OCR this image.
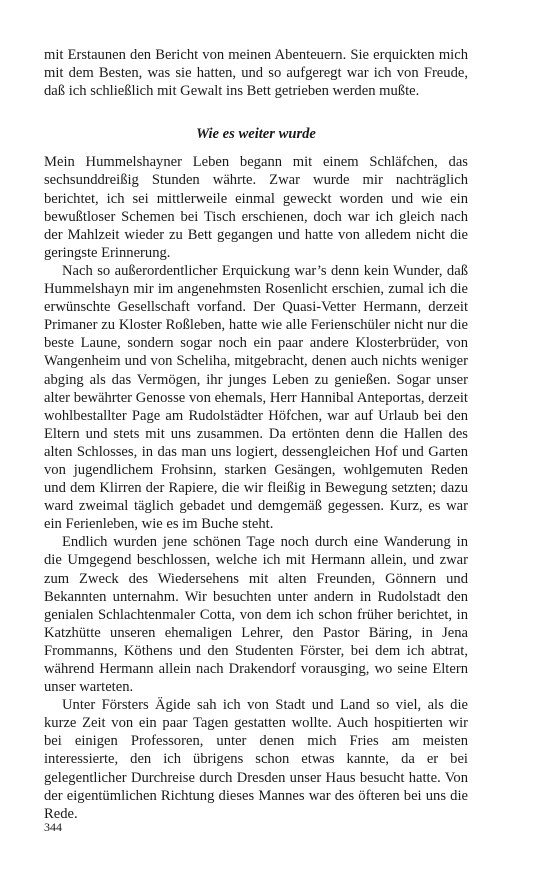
mit Erstaunen den Bericht von meinen Abenteuern. Sie erquickten mich mit dem Besten, was sie hatten, und so aufgeregt war ich von Freude, daß ich schließlich mit Gewalt ins Bett getrieben werden mußte.

Wie es weiter wurde

Mein Hummelshayner Leben begann mit einem Schläfchen, das sechsunddreißig Stunden währte. Zwar wurde mir nachträglich berichtet, ich sei mittlerweile einmal geweckt worden und wie ein bewußtloser Schemen bei Tisch erschienen, doch war ich gleich nach der Mahlzeit wieder zu Bett gegangen und hatte von alledem nicht die geringste Erinnerung.

Nach so außerordentlicher Erquickung war’s denn kein Wunder, daß Hummelshayn mir im angenehmsten Rosenlicht erschien, zumal ich die erwünschte Gesellschaft vorfand. Der Quasi-Vetter Hermann, derzeit Primaner zu Kloster Roßleben, hatte wie alle Ferienschüler nicht nur die beste Laune, sondern sogar noch ein paar andere Klosterbrüder, von Wangenheim und von Scheliha, mitgebracht, denen auch nichts weniger abging als das Vermögen, ihr junges Leben zu genießen. Sogar unser alter bewährter Genosse von ehemals, Herr Hannibal Anteportas, derzeit wohlbestallter Page am Rudolstädter Höfchen, war auf Urlaub bei den Eltern und stets mit uns zusammen. Da ertönten denn die Hallen des alten Schlosses, in das man uns logiert, dessengleichen Hof und Garten von jugendlichem Frohsinn, starken Gesängen, wohlgemuten Reden und dem Klirren der Rapiere, die wir fleißig in Bewegung setzten; dazu ward zweimal täglich gebadet und demgemäß gegessen. Kurz, es war ein Ferienleben, wie es im Buche steht.

Endlich wurden jene schönen Tage noch durch eine Wanderung in die Umgegend beschlossen, welche ich mit Hermann allein, und zwar zum Zweck des Wiedersehens mit alten Freunden, Gönnern und Bekannten unternahm. Wir besuchten unter andern in Rudolstadt den genialen Schlachtenmaler Cotta, von dem ich schon früher berichtet, in Katzhütte unseren ehemaligen Lehrer, den Pastor Bäring, in Jena Frommanns, Köthens und den Studenten Förster, bei dem ich abtrat, während Hermann allein nach Drakendorf vorausging, wo seine Eltern unser warteten.

Unter Försters Ägide sah ich von Stadt und Land so viel, als die kurze Zeit von ein paar Tagen gestatten wollte. Auch hospitierten wir bei einigen Professoren, unter denen mich Fries am meisten interessierte, den ich übrigens schon etwas kannte, da er bei gelegentlicher Durchreise durch Dresden unser Haus besucht hatte. Von der eigentümlichen Richtung dieses Mannes war des öfteren bei uns die Rede.

344
